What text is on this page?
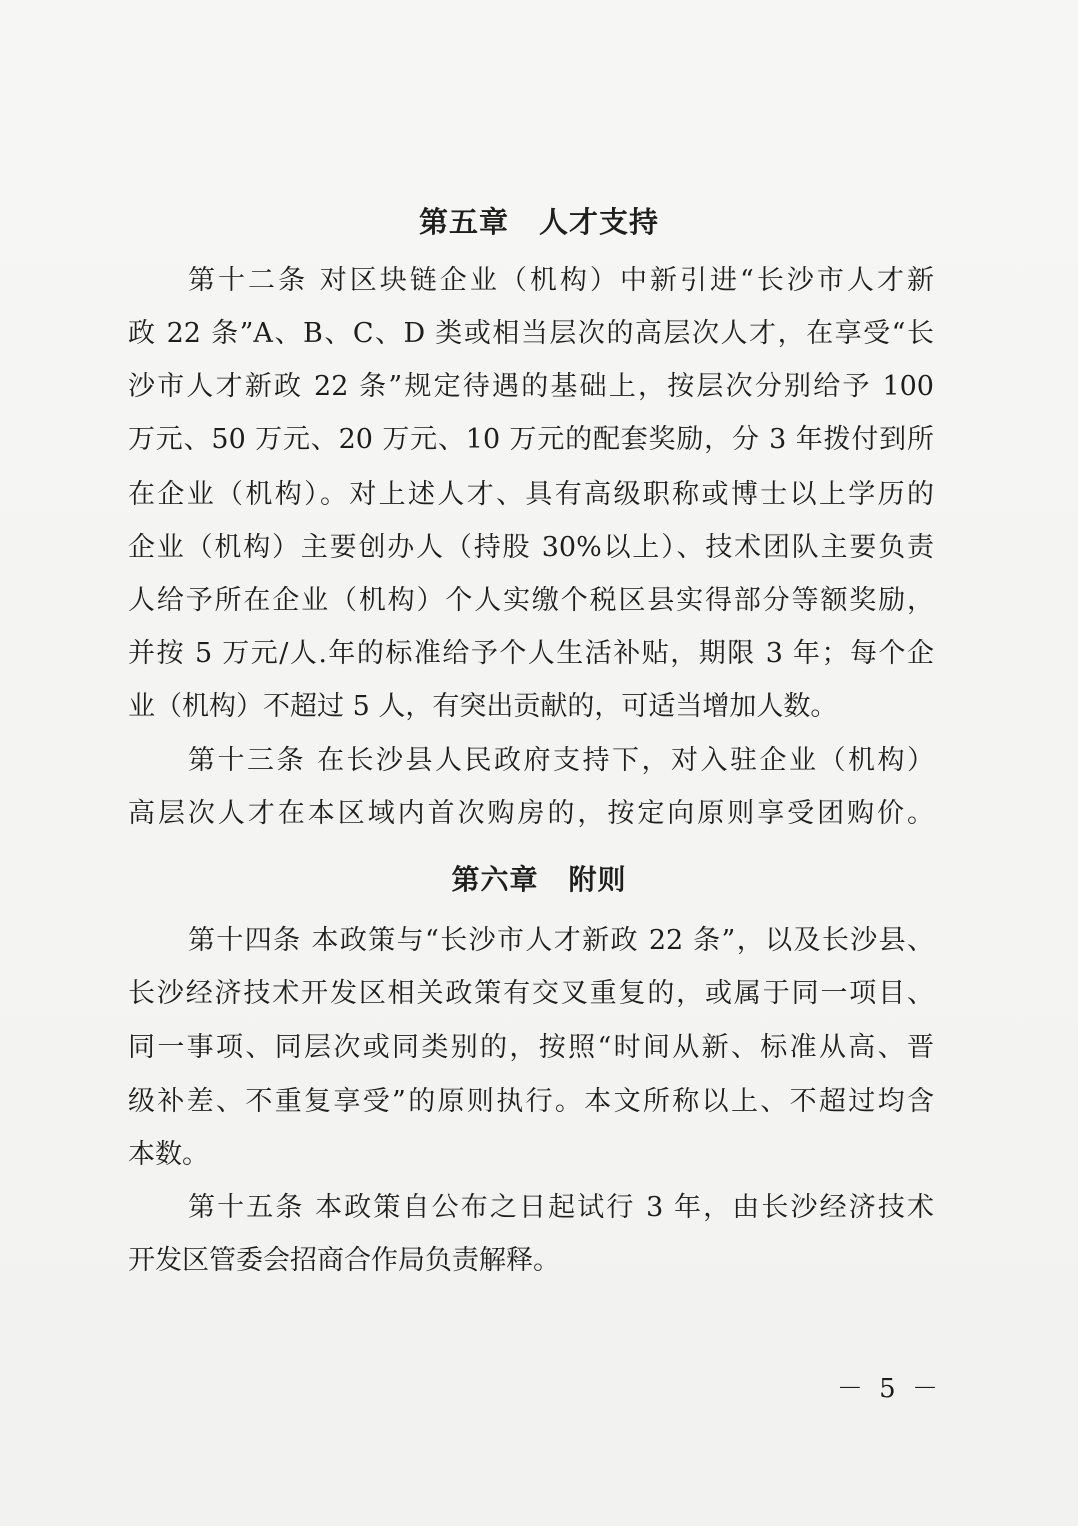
第五章 人才支持

第十二条 对区块链企业（机构）中新引进“长沙市人才新

政 22 条”A、B、C、D 类或相当层次的高层次人才，在享受“长

沙市人才新政 22 条”规定待遇的基础上，按层次分别给予 100

万元、50 万元、20 万元、10 万元的配套奖励，分 3 年拨付到所

在企业（机构）。对上述人才、具有高级职称或博士以上学历的

企业（机构）主要创办人（持股 30%以上）、技术团队主要负责

人给予所在企业（机构）个人实缴个税区县实得部分等额奖励，

并按 5 万元/人.年的标准给予个人生活补贴，期限 3 年；每个企

业（机构）不超过 5 人，有突出贡献的，可适当增加人数。

第十三条 在长沙县人民政府支持下，对入驻企业（机构）

高层次人才在本区域内首次购房的，按定向原则享受团购价。

第六章 附则

第十四条 本政策与“长沙市人才新政 22 条”，以及长沙县、

长沙经济技术开发区相关政策有交叉重复的，或属于同一项目、

同一事项、同层次或同类别的，按照“时间从新、标准从高、晋

级补差、不重复享受”的原则执行。本文所称以上、不超过均含

本数。

第十五条 本政策自公布之日起试行 3 年，由长沙经济技术

开发区管委会招商合作局负责解释。

－ 5 －
